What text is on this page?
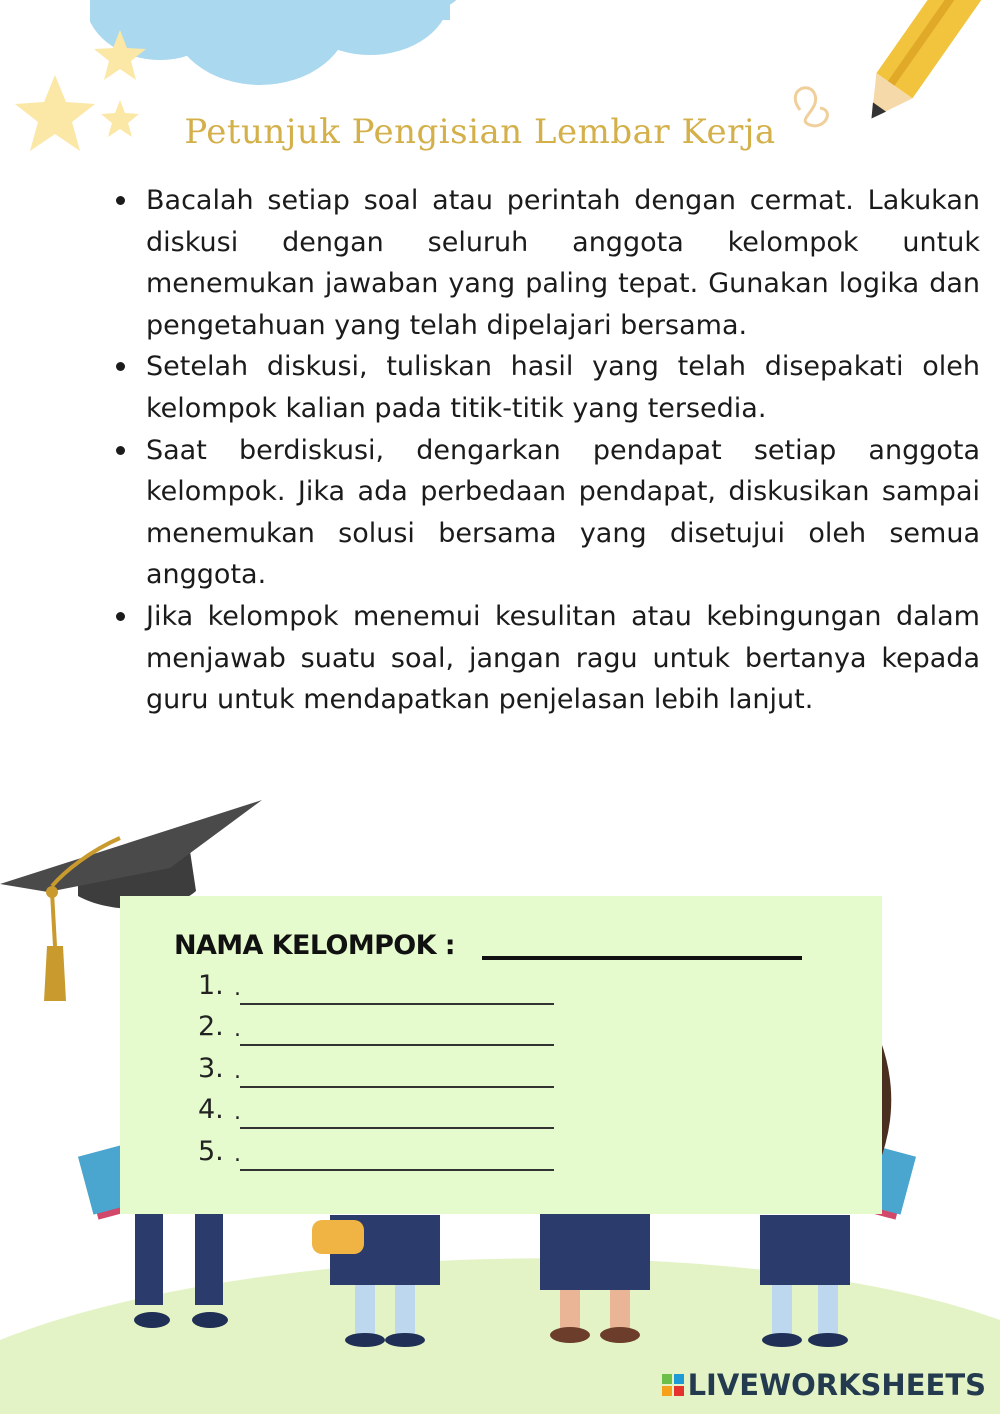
Petunjuk Pengisian Lembar Kerja
Bacalah setiap soal atau perintah dengan cermat. Lakukan diskusi dengan seluruh anggota kelompok untuk menemukan jawaban yang paling tepat. Gunakan logika dan pengetahuan yang telah dipelajari bersama.
Setelah diskusi, tuliskan hasil yang telah disepakati oleh kelompok kalian pada titik-titik yang tersedia.
Saat berdiskusi, dengarkan pendapat setiap anggota kelompok. Jika ada perbedaan pendapat, diskusikan sampai menemukan solusi bersama yang disetujui oleh semua anggota.
Jika kelompok menemui kesulitan atau kebingungan dalam menjawab suatu soal, jangan ragu untuk bertanya kepada guru untuk mendapatkan penjelasan lebih lanjut.
NAMA KELOMPOK :
1. .
2. .
3. .
4. .
5. .
LIVEWORKSHEETS
